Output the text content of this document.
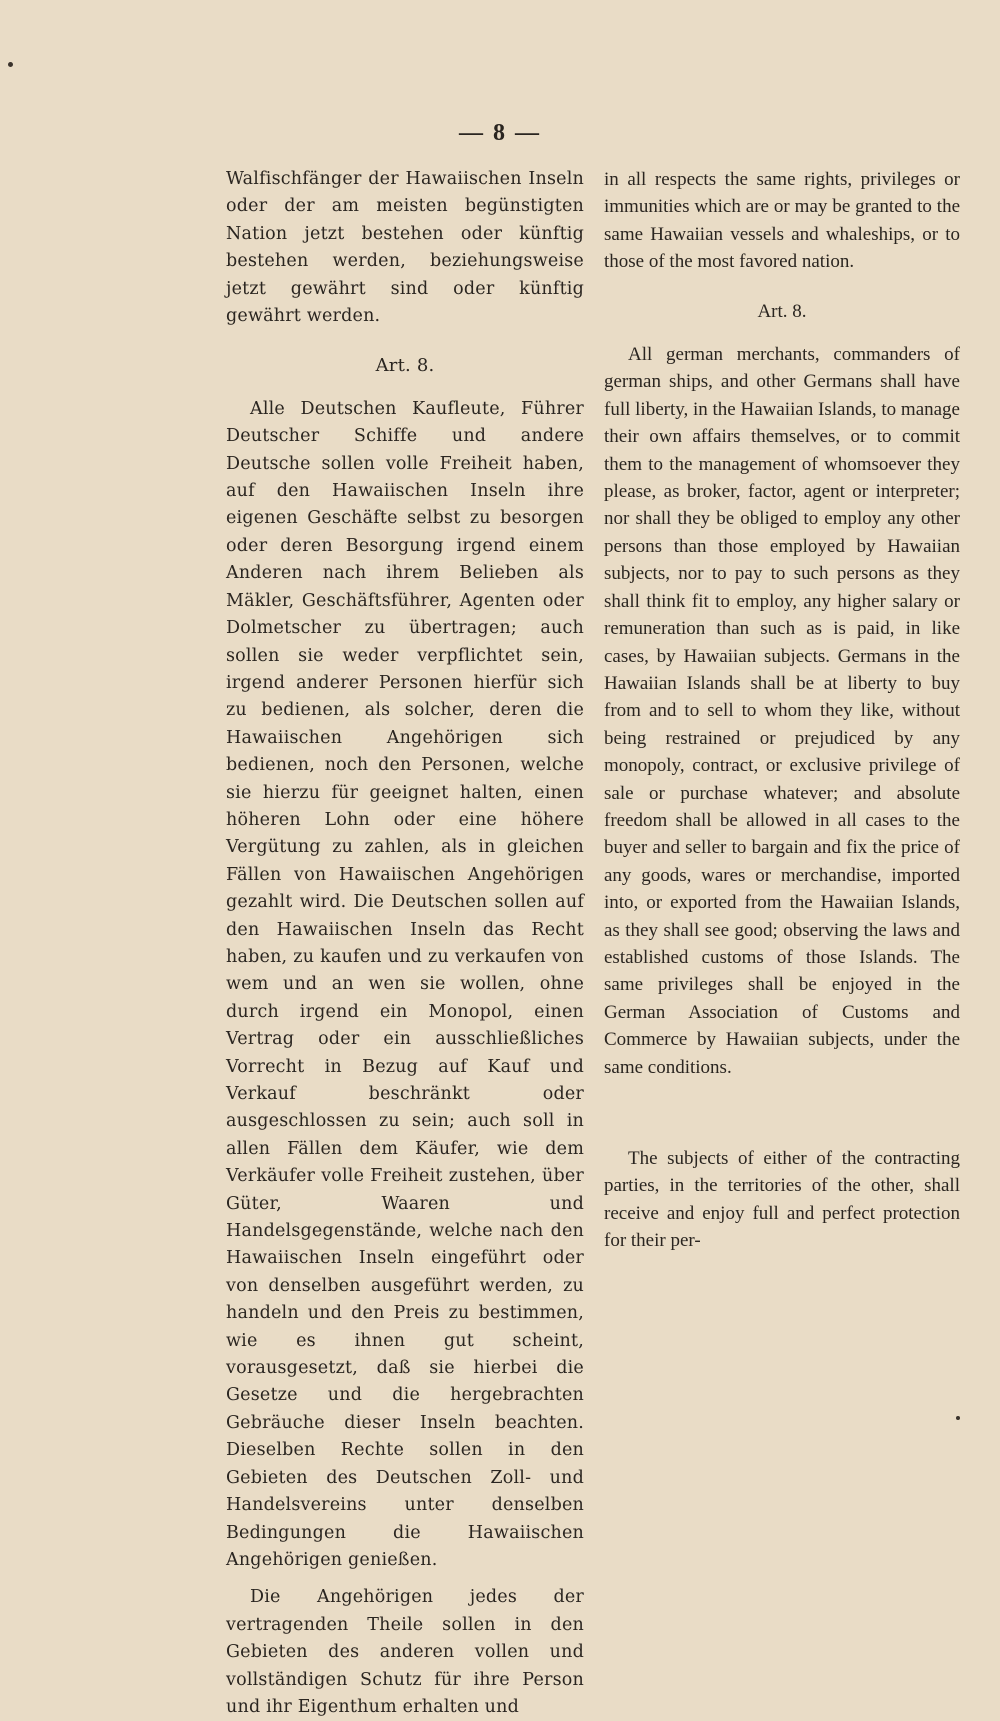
— 8 —

Walfischfänger der Hawaiischen Inseln oder der am meisten begünstigten Nation jetzt bestehen oder künftig bestehen werden, beziehungsweise jetzt gewährt sind oder künftig gewährt werden.

Art. 8.

Alle Deutschen Kaufleute, Führer Deutscher Schiffe und andere Deutsche sollen volle Freiheit haben, auf den Hawaiischen Inseln ihre eigenen Geschäfte selbst zu besorgen oder deren Besorgung irgend einem Anderen nach ihrem Belieben als Mäkler, Geschäftsführer, Agenten oder Dolmetscher zu übertragen; auch sollen sie weder verpflichtet sein, irgend anderer Personen hierfür sich zu bedienen, als solcher, deren die Hawaiischen Angehörigen sich bedienen, noch den Personen, welche sie hierzu für geeignet halten, einen höheren Lohn oder eine höhere Vergütung zu zahlen, als in gleichen Fällen von Hawaiischen Angehörigen gezahlt wird. Die Deutschen sollen auf den Hawaiischen Inseln das Recht haben, zu kaufen und zu verkaufen von wem und an wen sie wollen, ohne durch irgend ein Monopol, einen Vertrag oder ein ausschließliches Vorrecht in Bezug auf Kauf und Verkauf beschränkt oder ausgeschlossen zu sein; auch soll in allen Fällen dem Käufer, wie dem Verkäufer volle Freiheit zustehen, über Güter, Waaren und Handelsgegenstände, welche nach den Hawaiischen Inseln eingeführt oder von denselben ausgeführt werden, zu handeln und den Preis zu bestimmen, wie es ihnen gut scheint, vorausgesetzt, daß sie hierbei die Gesetze und die hergebrachten Gebräuche dieser Inseln beachten. Dieselben Rechte sollen in den Gebieten des Deutschen Zoll- und Handelsvereins unter denselben Bedingungen die Hawaiischen Angehörigen genießen.

Die Angehörigen jedes der vertragenden Theile sollen in den Gebieten des anderen vollen und vollständigen Schutz für ihre Person und ihr Eigenthum erhalten und

in all respects the same rights, privileges or immunities which are or may be granted to the same Hawaiian vessels and whaleships, or to those of the most favored nation.

Art. 8.

All german merchants, commanders of german ships, and other Germans shall have full liberty, in the Hawaiian Islands, to manage their own affairs themselves, or to commit them to the management of whomsoever they please, as broker, factor, agent or interpreter; nor shall they be obliged to employ any other persons than those employed by Hawaiian subjects, nor to pay to such persons as they shall think fit to employ, any higher salary or remuneration than such as is paid, in like cases, by Hawaiian subjects. Germans in the Hawaiian Islands shall be at liberty to buy from and to sell to whom they like, without being restrained or prejudiced by any monopoly, contract, or exclusive privilege of sale or purchase whatever; and absolute freedom shall be allowed in all cases to the buyer and seller to bargain and fix the price of any goods, wares or merchandise, imported into, or exported from the Hawaiian Islands, as they shall see good; observing the laws and established customs of those Islands. The same privileges shall be enjoyed in the German Association of Customs and Commerce by Hawaiian subjects, under the same conditions.

The subjects of either of the contracting parties, in the territories of the other, shall receive and enjoy full and perfect protection for their per-
